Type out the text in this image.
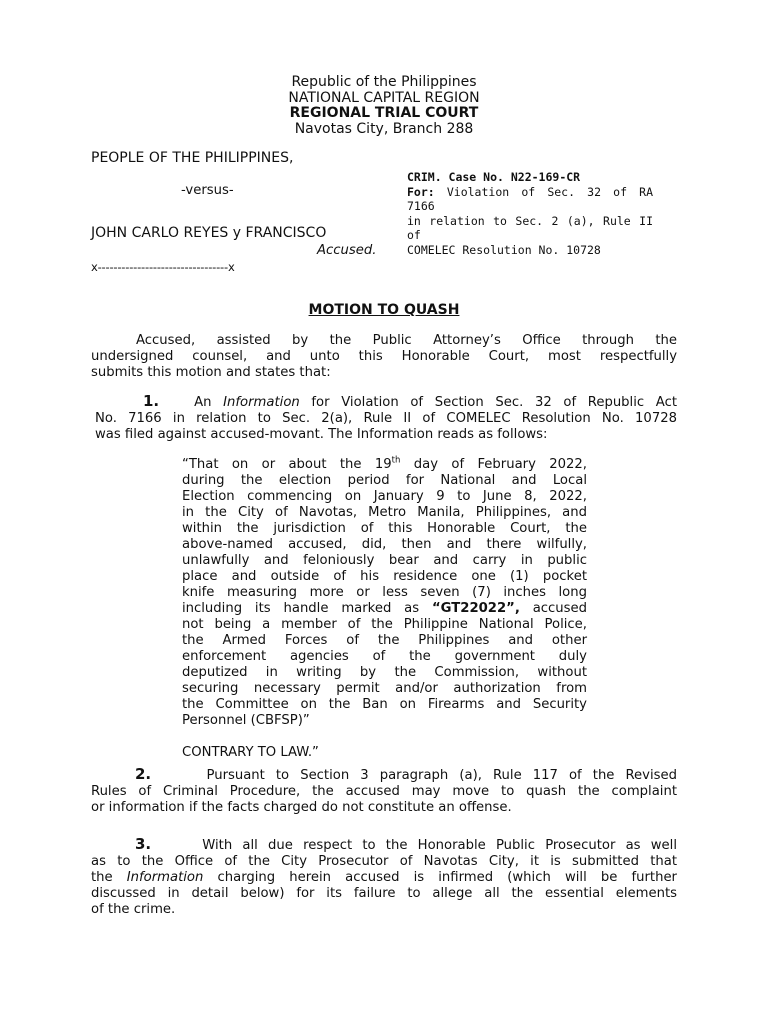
Republic of the Philippines
NATIONAL CAPITAL REGION
REGIONAL TRIAL COURT
Navotas City, Branch 288
PEOPLE OF THE PHILIPPINES,
-versus-
JOHN CARLO REYES y FRANCISCO
Accused.
x---------------------------------x
CRIM. Case No. N22-169-CR
For: Violation of Sec. 32 of RA 7166
in relation to Sec. 2 (a), Rule II of
COMELEC Resolution No. 10728
MOTION TO QUASH
Accused, assisted by the Public Attorney’s Office through the
undersigned counsel, and unto this Honorable Court, most respectfully
submits this motion and states that:
1.	An Information for Violation of Section Sec. 32 of Republic Act
No. 7166 in relation to Sec. 2(a), Rule II of COMELEC Resolution No. 10728
was filed against accused-movant. The Information reads as follows:
“That on or about the 19th day of February 2022,
during the election period for National and Local
Election commencing on January 9 to June 8, 2022,
in the City of Navotas, Metro Manila, Philippines, and
within the jurisdiction of this Honorable Court, the
above-named accused, did, then and there wilfully,
unlawfully and feloniously bear and carry in public
place and outside of his residence one (1) pocket
knife measuring more or less seven (7) inches long
including its handle marked as “GT22022”, accused
not being a member of the Philippine National Police,
the Armed Forces of the Philippines and other
enforcement agencies of the government duly
deputized in writing by the Commission, without
securing necessary permit and/or authorization from
the Committee on the Ban on Firearms and Security
Personnel (CBFSP)”
CONTRARY TO LAW.”
2.	Pursuant to Section 3 paragraph (a), Rule 117 of the Revised
Rules of Criminal Procedure, the accused may move to quash the complaint
or information if the facts charged do not constitute an offense.
3.	With all due respect to the Honorable Public Prosecutor as well
as to the Office of the City Prosecutor of Navotas City, it is submitted that
the Information charging herein accused is infirmed (which will be further
discussed in detail below) for its failure to allege all the essential elements
of the crime.
